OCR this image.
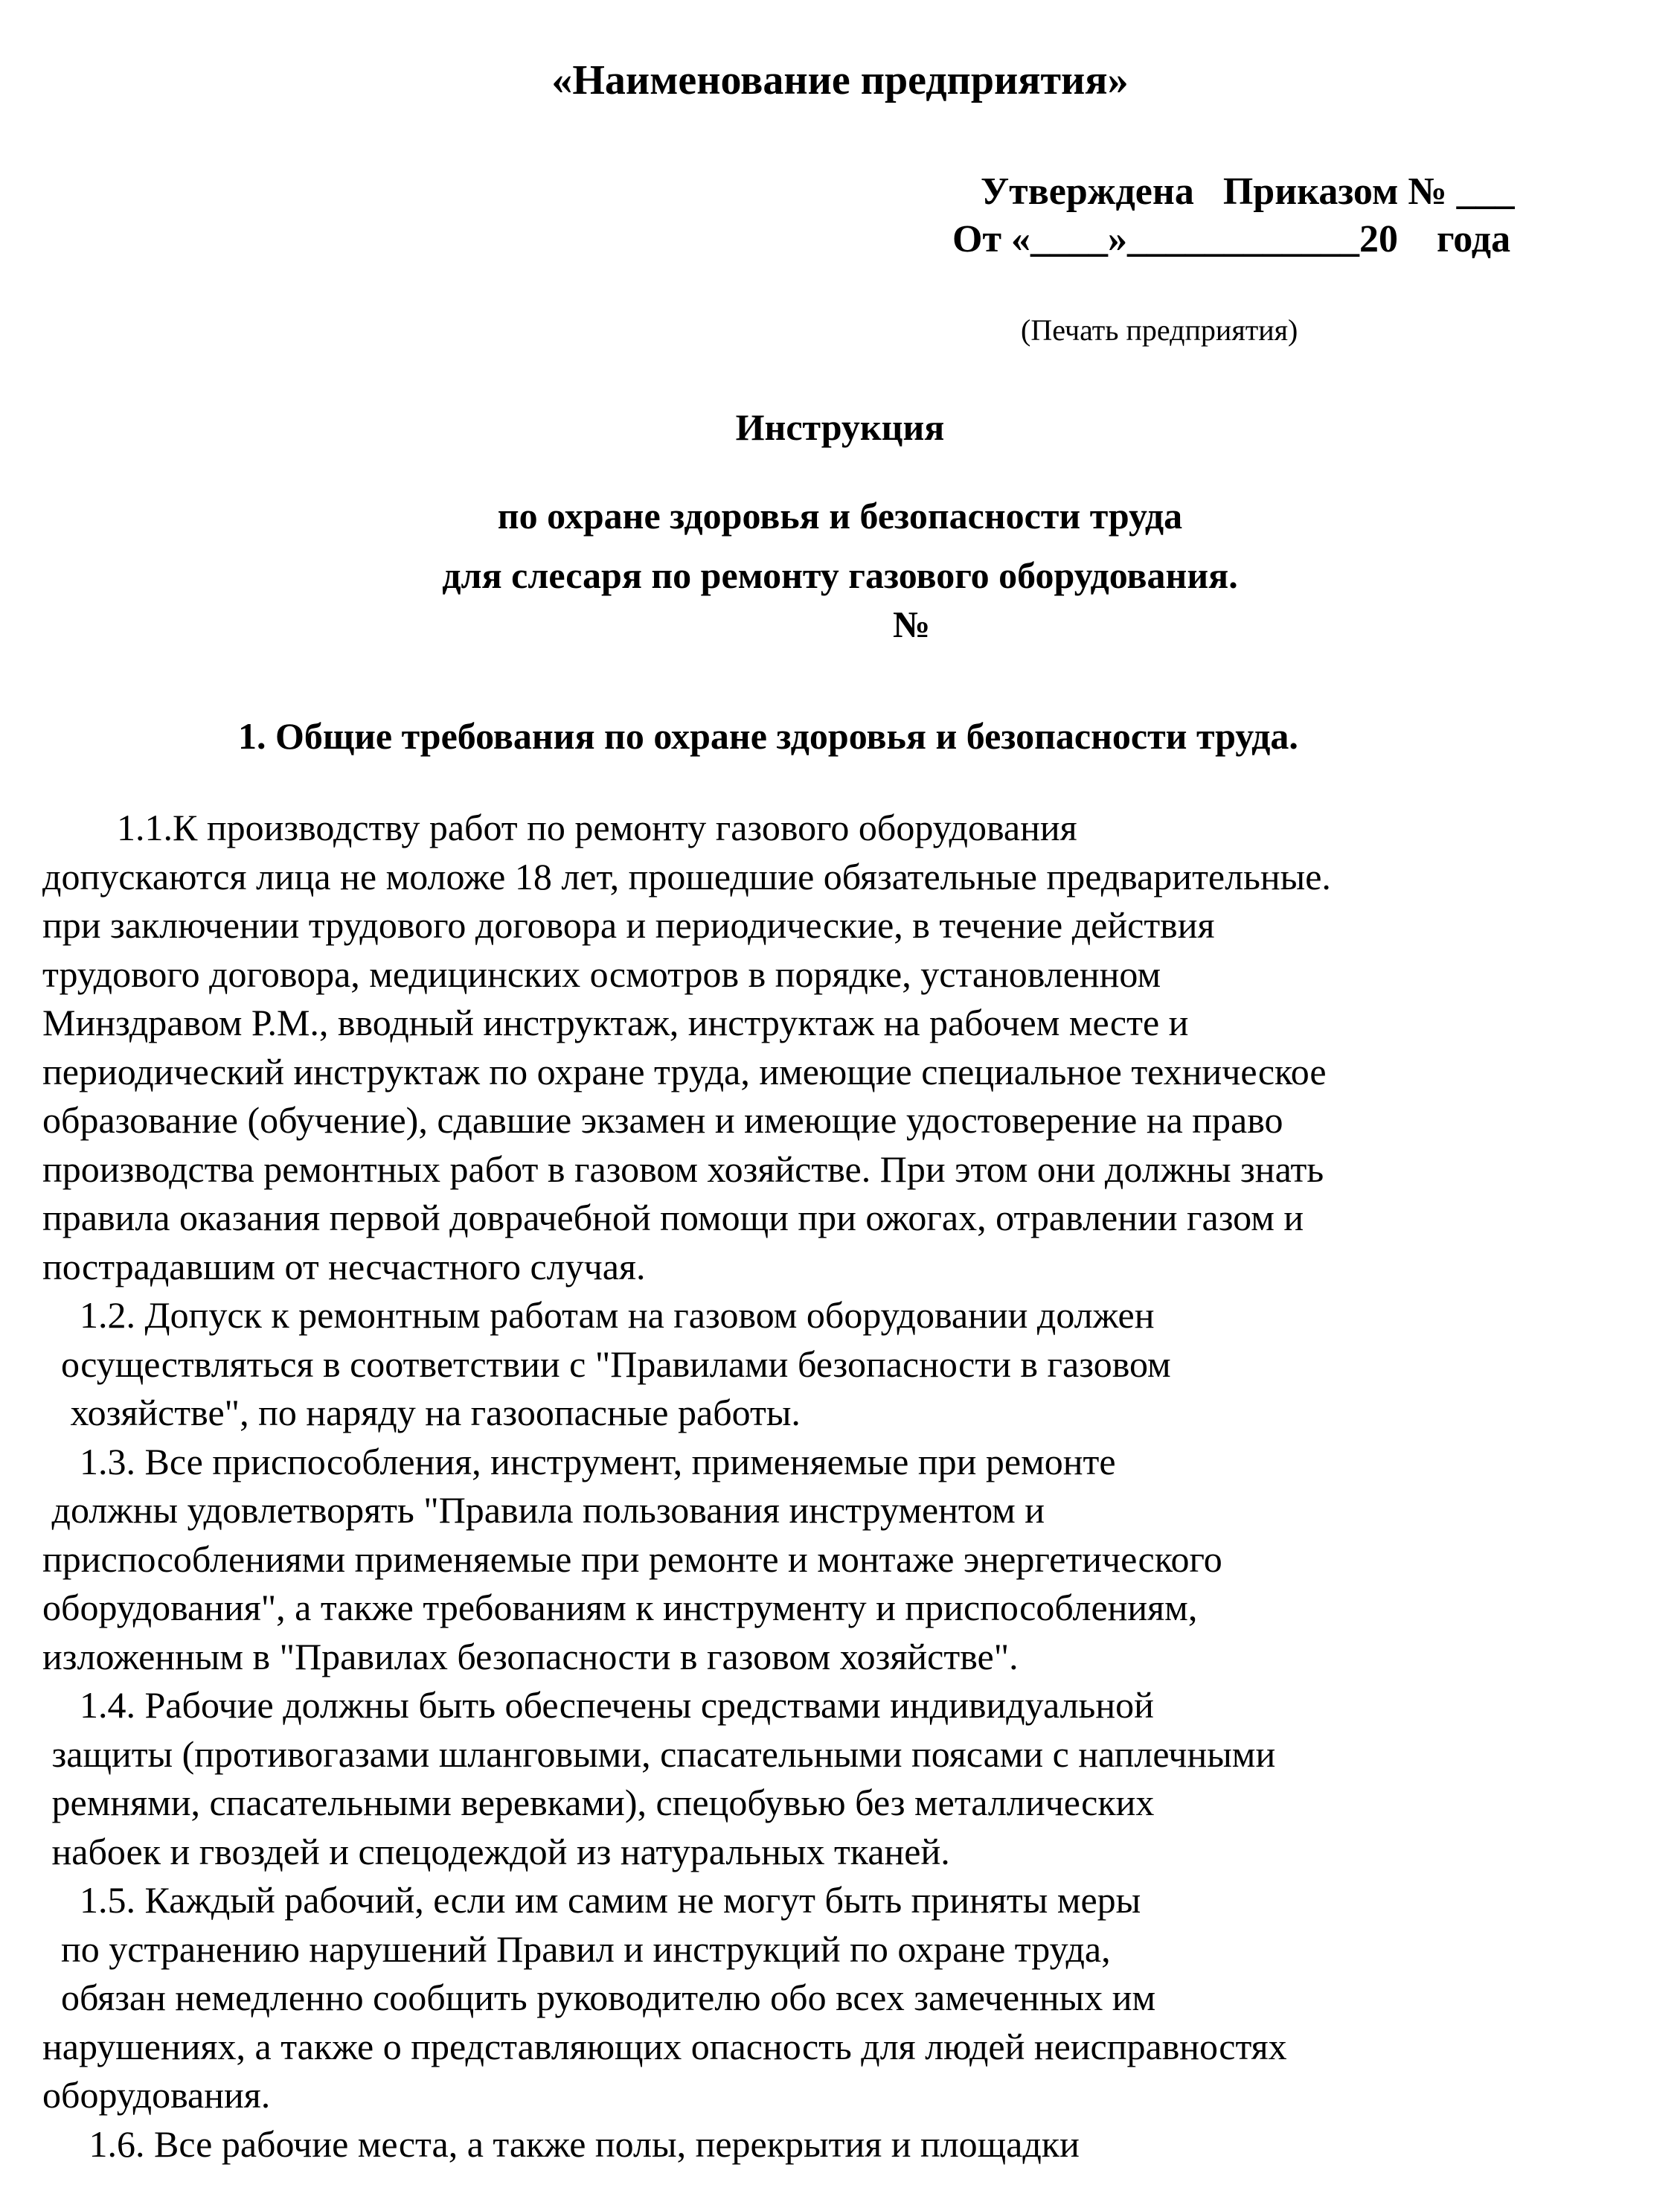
«Наименование предприятия»
Утверждена   Приказом № ___
От «____»____________20    года
(Печать предприятия)
Инструкция
по охране здоровья и безопасности труда
для слесаря по ремонту газового оборудования.
№
1. Общие требования по охране здоровья и безопасности труда.
1.1.К производству работ по ремонту газового оборудования
допускаются лица не моложе 18 лет, прошедшие обязательные предварительные.
при заключении трудового договора и периодические, в течение действия
трудового договора, медицинских осмотров в порядке, установленном
Минздравом Р.М., вводный инструктаж, инструктаж на рабочем месте и
периодический инструктаж по охране труда, имеющие специальное техническое
образование (обучение), сдавшие экзамен и имеющие удостоверение на право
производства ремонтных работ в газовом хозяйстве. При этом они должны знать
правила оказания первой доврачебной помощи при ожогах, отравлении газом и
пострадавшим от несчастного случая.
1.2. Допуск к ремонтным работам на газовом оборудовании должен
осуществляться в соответствии с "Правилами безопасности в газовом
хозяйстве", по наряду на газоопасные работы.
1.3. Все приспособления, инструмент, применяемые при ремонте
должны удовлетворять "Правила пользования инструментом и
приспособлениями применяемые при ремонте и монтаже энергетического
оборудования", а также требованиям к инструменту и приспособлениям,
изложенным в "Правилах безопасности в газовом хозяйстве".
1.4. Рабочие должны быть обеспечены средствами индивидуальной
защиты (противогазами шланговыми, спасательными поясами с наплечными
ремнями, спасательными веревками), спецобувью без металлических
набоек и гвоздей и спецодеждой из натуральных тканей.
1.5. Каждый рабочий, если им самим не могут быть приняты меры
по устранению нарушений Правил и инструкций по охране труда,
обязан немедленно сообщить руководителю обо всех замеченных им
нарушениях, а также о представляющих опасность для людей неисправностях
оборудования.
1.6. Все рабочие места, а также полы, перекрытия и площадки
